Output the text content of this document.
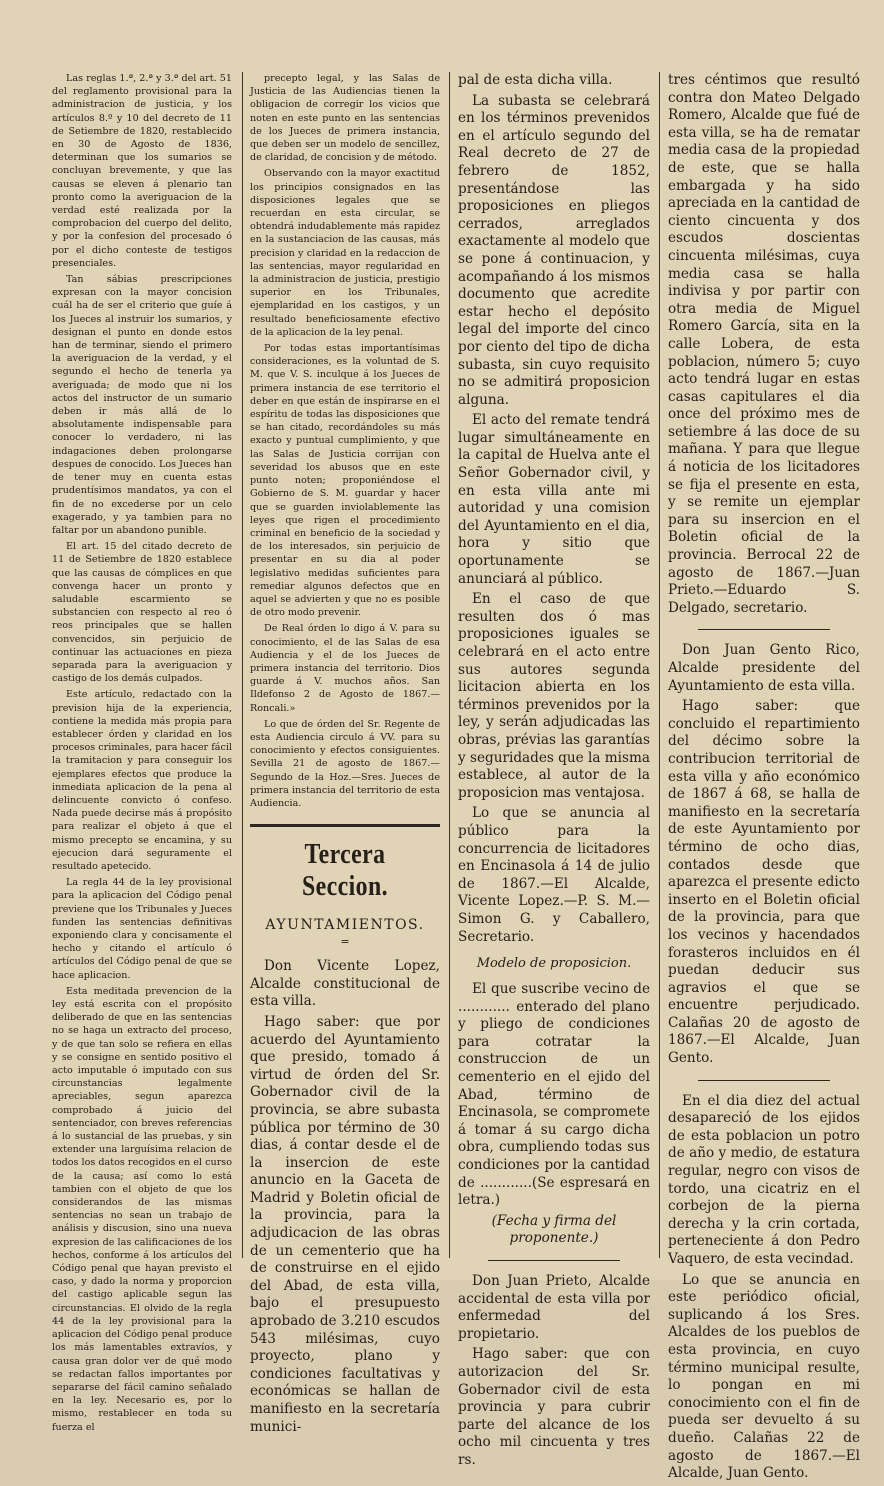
Las reglas 1.ª, 2.ª y 3.ª del art. 51 del reglamento provisional para la administracion de justicia, y los artículos 8.º y 10 del decreto de 11 de Setiembre de 1820, restablecido en 30 de Agosto de 1836, determinan que los sumarios se concluyan brevemente, y que las causas se eleven á plenario tan pronto como la averiguacion de la verdad esté realizada por la comprobacion del cuerpo del delito, y por la confesion del procesado ó por el dicho conteste de testigos presenciales.

Tan sábias prescripciones expresan con la mayor concision cuál ha de ser el criterio que guíe á los Jueces al instruir los sumarios, y designan el punto en donde estos han de terminar, siendo el primero la averiguacion de la verdad, y el segundo el hecho de tenerla ya averiguada; de modo que ni los actos del instructor de un sumario deben ir más allá de lo absolutamente indispensable para conocer lo verdadero, ni las indagaciones deben prolongarse despues de conocido. Los Jueces han de tener muy en cuenta estas prudentísimos mandatos, ya con el fin de no excederse por un celo exagerado, y ya tambien para no faltar por un abandono punible.

El art. 15 del citado decreto de 11 de Setiembre de 1820 establece que las causas de cómplices en que convenga hacer un pronto y saludable escarmiento se substancien con respecto al reo ó reos principales que se hallen convencidos, sin perjuicio de continuar las actuaciones en pieza separada para la averiguacion y castigo de los demás culpados.

Este artículo, redactado con la prevision hija de la experiencia, contiene la medida más propia para establecer órden y claridad en los procesos criminales, para hacer fácil la tramitacion y para conseguir los ejemplares efectos que produce la inmediata aplicacion de la pena al delincuente convicto ó confeso. Nada puede decirse más á propósito para realizar el objeto á que el mismo precepto se encamina, y su ejecucion dará seguramente el resultado apetecido.

La regla 44 de la ley provisional para la aplicacion del Código penal previene que los Tribunales y Jueces funden las sentencias definitivas exponiendo clara y concisamente el hecho y citando el artículo ó artículos del Código penal de que se hace aplicacion.

Esta meditada prevencion de la ley está escrita con el propósito deliberado de que en las sentencias no se haga un extracto del proceso, y de que tan solo se refiera en ellas y se consigne en sentido positivo el acto imputable ó imputado con sus circunstancias legalmente apreciables, segun aparezca comprobado á juicio del sentenciador, con breves referencias á lo sustancial de las pruebas, y sin extender una larguísima relacion de todos los datos recogidos en el curso de la causa; así como lo está tambien con el objeto de que los considerandos de las mismas sentencias no sean un trabajo de análisis y discusion, sino una nueva expresion de las calificaciones de los hechos, conforme á los artículos del Código penal que hayan previsto el caso, y dado la norma y proporcion del castigo aplicable segun las circunstancias. El olvido de la regla 44 de la ley provisional para la aplicacion del Código penal produce los más lamentables extravíos, y causa gran dolor ver de qué modo se redactan fallos importantes por separarse del fácil camino señalado en la ley. Necesario es, por lo mismo, restablecer en toda su fuerza el

precepto legal, y las Salas de Justicia de las Audiencias tienen la obligacion de corregir los vicios que noten en este punto en las sentencias de los Jueces de primera instancia, que deben ser un modelo de sencillez, de claridad, de concision y de método.

Observando con la mayor exactitud los principios consignados en las disposiciones legales que se recuerdan en esta circular, se obtendrá indudablemente más rapidez en la sustanciacion de las causas, más precision y claridad en la redaccion de las sentencias, mayor regularidad en la administracion de justicia, prestigio superior en los Tribunales, ejemplaridad en los castigos, y un resultado beneficiosamente efectivo de la aplicacion de la ley penal.

Por todas estas importantísimas consideraciones, es la voluntad de S. M. que V. S. inculque á los Jueces de primera instancia de ese territorio el deber en que están de inspirarse en el espíritu de todas las disposiciones que se han citado, recordándoles su más exacto y puntual cumplimiento, y que las Salas de Justicia corrijan con severidad los abusos que en este punto noten; proponiéndose el Gobierno de S. M. guardar y hacer que se guarden inviolablemente las leyes que rigen el procedimiento criminal en beneficio de la sociedad y de los interesados, sin perjuicio de presentar en su dia al poder legislativo medidas suficientes para remediar algunos defectos que en aquel se advierten y que no es posible de otro modo prevenir.

De Real órden lo digo á V. para su conocimiento, el de las Salas de esa Audiencia y el de los Jueces de primera instancia del territorio. Dios guarde á V. muchos años. San Ildefonso 2 de Agosto de 1867.—Roncali.»

Lo que de órden del Sr. Regente de esta Audiencia circulo á VV. para su conocimiento y efectos consiguientes. Sevilla 21 de agosto de 1867.—Segundo de la Hoz.—Sres. Jueces de primera instancia del territorio de esta Audiencia.

Tercera Seccion.
AYUNTAMIENTOS.
=

Don Vicente Lopez, Alcalde constitucional de esta villa.

Hago saber: que por acuerdo del Ayuntamiento que presido, tomado á virtud de órden del Sr. Gobernador civil de la provincia, se abre subasta pública por término de 30 dias, á contar desde el de la insercion de este anuncio en la Gaceta de Madrid y Boletin oficial de la provincia, para la adjudicacion de las obras de un cementerio que ha de construirse en el ejido del Abad, de esta villa, bajo el presupuesto aprobado de 3.210 escudos 543 milésimas, cuyo proyecto, plano y condiciones facultativas y económicas se hallan de manifiesto en la secretaría munici-

pal de esta dicha villa.

La subasta se celebrará en los términos prevenidos en el artículo segundo del Real decreto de 27 de febrero de 1852, presentándose las proposiciones en pliegos cerrados, arreglados exactamente al modelo que se pone á continuacion, y acompañando á los mismos documento que acredite estar hecho el depósito legal del importe del cinco por ciento del tipo de dicha subasta, sin cuyo requisito no se admitirá proposicion alguna.

El acto del remate tendrá lugar simultáneamente en la capital de Huelva ante el Señor Gobernador civil, y en esta villa ante mi autoridad y una comision del Ayuntamiento en el dia, hora y sitio que oportunamente se anunciará al público.

En el caso de que resulten dos ó mas proposiciones iguales se celebrará en el acto entre sus autores segunda licitacion abierta en los términos prevenidos por la ley, y serán adjudicadas las obras, prévias las garantías y seguridades que la misma establece, al autor de la proposicion mas ventajosa.

Lo que se anuncia al público para la concurrencia de licitadores en Encinasola á 14 de julio de 1867.—El Alcalde, Vicente Lopez.—P. S. M.—Simon G. y Caballero, Secretario.

Modelo de proposicion.

El que suscribe vecino de ............ enterado del plano y pliego de condiciones para cotratar la construccion de un cementerio en el ejido del Abad, término de Encinasola, se compromete á tomar á su cargo dicha obra, cumpliendo todas sus condiciones por la cantidad de ............(Se espresará en letra.)

(Fecha y firma del proponente.)

Don Juan Prieto, Alcalde accidental de esta villa por enfermedad del propietario.

Hago saber: que con autorizacion del Sr. Gobernador civil de esta provincia y para cubrir parte del alcance de los ocho mil cincuenta y tres rs.

tres céntimos que resultó contra don Mateo Delgado Romero, Alcalde que fué de esta villa, se ha de rematar media casa de la propiedad de este, que se halla embargada y ha sido apreciada en la cantidad de ciento cincuenta y dos escudos doscientas cincuenta milésimas, cuya media casa se halla indivisa y por partir con otra media de Miguel Romero García, sita en la calle Lobera, de esta poblacion, número 5; cuyo acto tendrá lugar en estas casas capitulares el dia once del próximo mes de setiembre á las doce de su mañana. Y para que llegue á noticia de los licitadores se fija el presente en esta, y se remite un ejemplar para su insercion en el Boletin oficial de la provincia. Berrocal 22 de agosto de 1867.—Juan Prieto.—Eduardo S. Delgado, secretario.

Don Juan Gento Rico, Alcalde presidente del Ayuntamiento de esta villa.

Hago saber: que concluido el repartimiento del décimo sobre la contribucion territorial de esta villa y año económico de 1867 á 68, se halla de manifiesto en la secretaría de este Ayuntamiento por término de ocho dias, contados desde que aparezca el presente edicto inserto en el Boletin oficial de la provincia, para que los vecinos y hacendados forasteros incluidos en él puedan deducir sus agravios el que se encuentre perjudicado. Calañas 20 de agosto de 1867.—El Alcalde, Juan Gento.

En el dia diez del actual desapareció de los ejidos de esta poblacion un potro de año y medio, de estatura regular, negro con visos de tordo, una cicatriz en el corbejon de la pierna derecha y la crin cortada, perteneciente á don Pedro Vaquero, de esta vecindad.

Lo que se anuncia en este periódico oficial, suplicando á los Sres. Alcaldes de los pueblos de esta provincia, en cuyo término municipal resulte, lo pongan en mi conocimiento con el fin de pueda ser devuelto á su dueño. Calañas 22 de agosto de 1867.—El Alcalde, Juan Gento.
